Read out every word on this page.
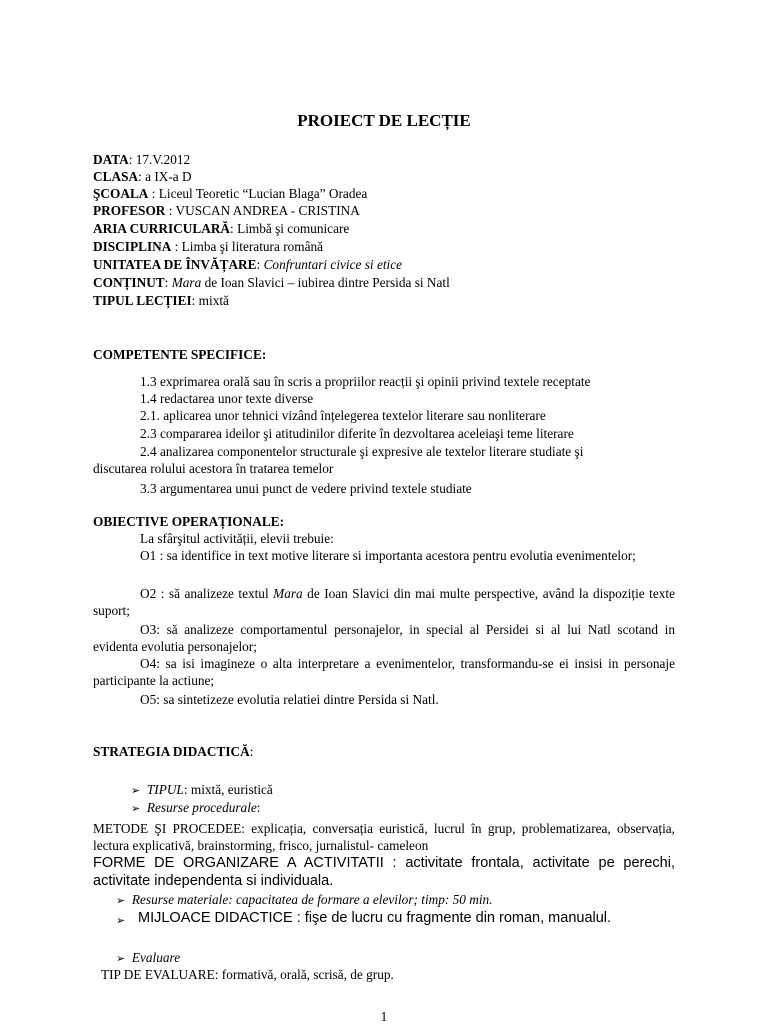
PROIECT DE LECȚIE
DATA: 17.V.2012
CLASA: a IX-a D
ŞCOALA : Liceul Teoretic “Lucian Blaga” Oradea
PROFESOR : VUSCAN ANDREA - CRISTINA
ARIA CURRICULARĂ: Limbă şi comunicare
DISCIPLINA : Limba şi literatura română
UNITATEA DE ÎNVĂȚARE: Confruntari civice si etice
CONȚINUT: Mara de Ioan Slavici – iubirea dintre Persida si Natl
TIPUL LECȚIEI: mixtă
COMPETENTE SPECIFICE:
1.3 exprimarea orală sau în scris a propriilor reacții şi opinii privind textele receptate
1.4 redactarea unor texte diverse
2.1. aplicarea unor tehnici vizând înțelegerea textelor literare sau nonliterare
2.3 compararea ideilor şi atitudinilor diferite în dezvoltarea aceleiaşi teme literare
2.4 analizarea componentelor structurale şi expresive ale textelor literare studiate şi
discutarea rolului acestora în tratarea temelor
3.3 argumentarea unui punct de vedere privind textele studiate
OBIECTIVE OPERAȚIONALE:
La sfârşitul activității, elevii trebuie:
O1 : sa identifice in text motive literare si importanta acestora pentru evolutia evenimentelor;
O2 : să analizeze textul Mara de Ioan Slavici din mai multe perspective, având la dispoziție texte suport;
O3: să analizeze comportamentul personajelor, in special al Persidei si al lui Natl scotand in evidenta evolutia personajelor;
O4: sa isi imagineze o alta interpretare a evenimentelor, transformandu-se ei insisi in personaje participante la actiune;
O5: sa sintetizeze evolutia relatiei dintre Persida si Natl.
STRATEGIA DIDACTICĂ:
➢ TIPUL: mixtă, euristică
➢ Resurse procedurale:
METODE ŞI PROCEDEE: explicația, conversația euristică, lucrul în grup, problematizarea, observația, lectura explicativă, brainstorming, frisco, jurnalistul- cameleon
FORME DE ORGANIZARE A ACTIVITATII : activitate frontala, activitate pe perechi, activitate independenta si individuala.
➢ Resurse materiale: capacitatea de formare a elevilor; timp: 50 min.
➢ MIJLOACE DIDACTICE : fişe de lucru cu fragmente din roman, manualul.
➢ Evaluare
TIP DE EVALUARE: formativă, orală, scrisă, de grup.
1
